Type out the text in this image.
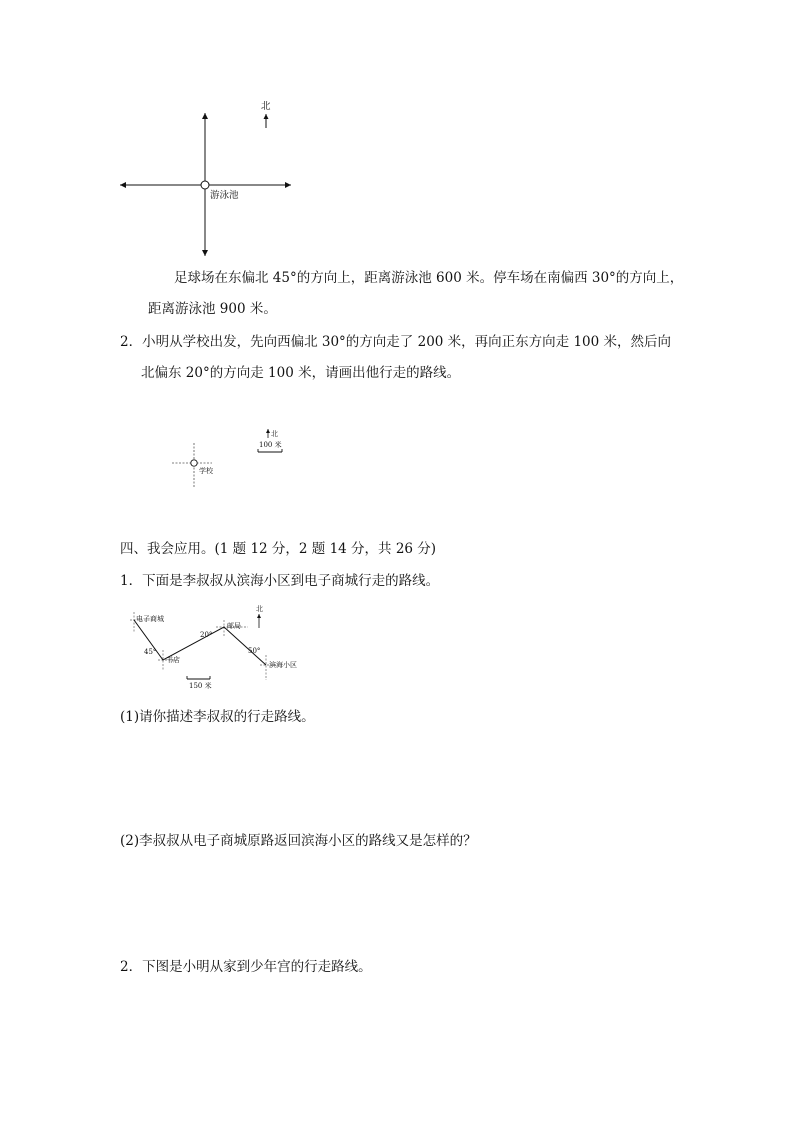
北
游泳池
足球场在东偏北 45°的方向上，距离游泳池 600 米。停车场在南偏西 30°的方向上，
距离游泳池 900 米。
2．小明从学校出发，先向西偏北 30°的方向走了 200 米，再向正东方向走 100 米，然后向
北偏东 20°的方向走 100 米，请画出他行走的路线。
北
100 米
学校
四、我会应用。(1 题 12 分，2 题 14 分，共 26 分)
1．下面是李叔叔从滨海小区到电子商城行走的路线。
北
电子商城
书店
邮局
滨海小区
45°
20°
50°
150 米
(1)请你描述李叔叔的行走路线。
(2)李叔叔从电子商城原路返回滨海小区的路线又是怎样的？
2．下图是小明从家到少年宫的行走路线。
